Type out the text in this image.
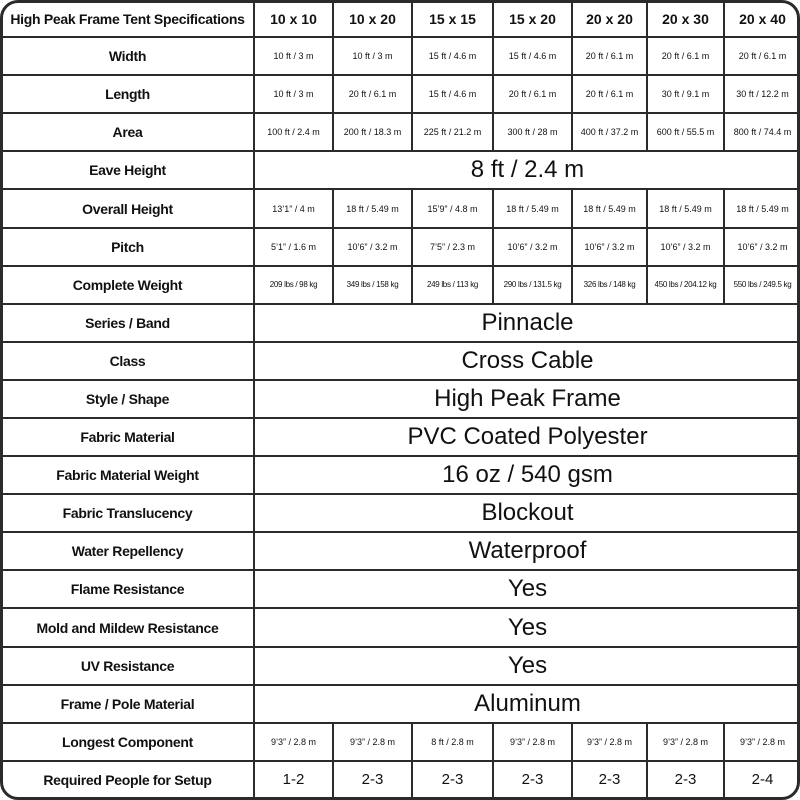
High Peak Frame Tent Specifications	10 x 10	10 x 20	15 x 15	15 x 20	20 x 20	20 x 30	20 x 40
Width	10 ft / 3 m	10 ft / 3 m	15 ft / 4.6 m	15 ft / 4.6 m	20 ft / 6.1 m	20 ft / 6.1 m	20 ft / 6.1 m
Length	10 ft / 3 m	20 ft / 6.1 m	15 ft / 4.6 m	20 ft / 6.1 m	20 ft / 6.1 m	30 ft / 9.1 m	30 ft / 12.2 m
Area	100 ft / 2.4 m	200 ft / 18.3 m	225 ft / 21.2 m	300 ft / 28 m	400 ft / 37.2 m	600 ft / 55.5 m	800 ft / 74.4 m
Eave Height	8 ft / 2.4 m						
Overall Height	13’1” / 4 m	18 ft / 5.49 m	15’9” / 4.8 m	18 ft / 5.49 m	18 ft / 5.49 m	18 ft / 5.49 m	18 ft / 5.49 m
Pitch	5’1” / 1.6 m	10’6” / 3.2 m	7’5” / 2.3 m	10’6” / 3.2 m	10’6” / 3.2 m	10’6” / 3.2 m	10’6” / 3.2 m
Complete Weight	209 lbs / 98 kg	349 lbs / 158 kg	249 lbs / 113 kg	290 lbs / 131.5 kg	326 lbs / 148 kg	450 lbs / 204.12 kg	550 lbs / 249.5 kg
Series / Band	Pinnacle						
Class	Cross Cable						
Style / Shape	High Peak Frame						
Fabric Material	PVC Coated Polyester						
Fabric Material Weight	16 oz / 540 gsm						
Fabric Translucency	Blockout						
Water Repellency	Waterproof						
Flame Resistance	Yes						
Mold and Mildew Resistance	Yes						
UV Resistance	Yes						
Frame / Pole Material	Aluminum						
Longest Component	9’3” / 2.8 m	9’3” / 2.8 m	8 ft / 2.8 m	9’3” / 2.8 m	9’3” / 2.8 m	9’3” / 2.8 m	9’3” / 2.8 m
Required People for Setup	1-2	2-3	2-3	2-3	2-3	2-3	2-4
